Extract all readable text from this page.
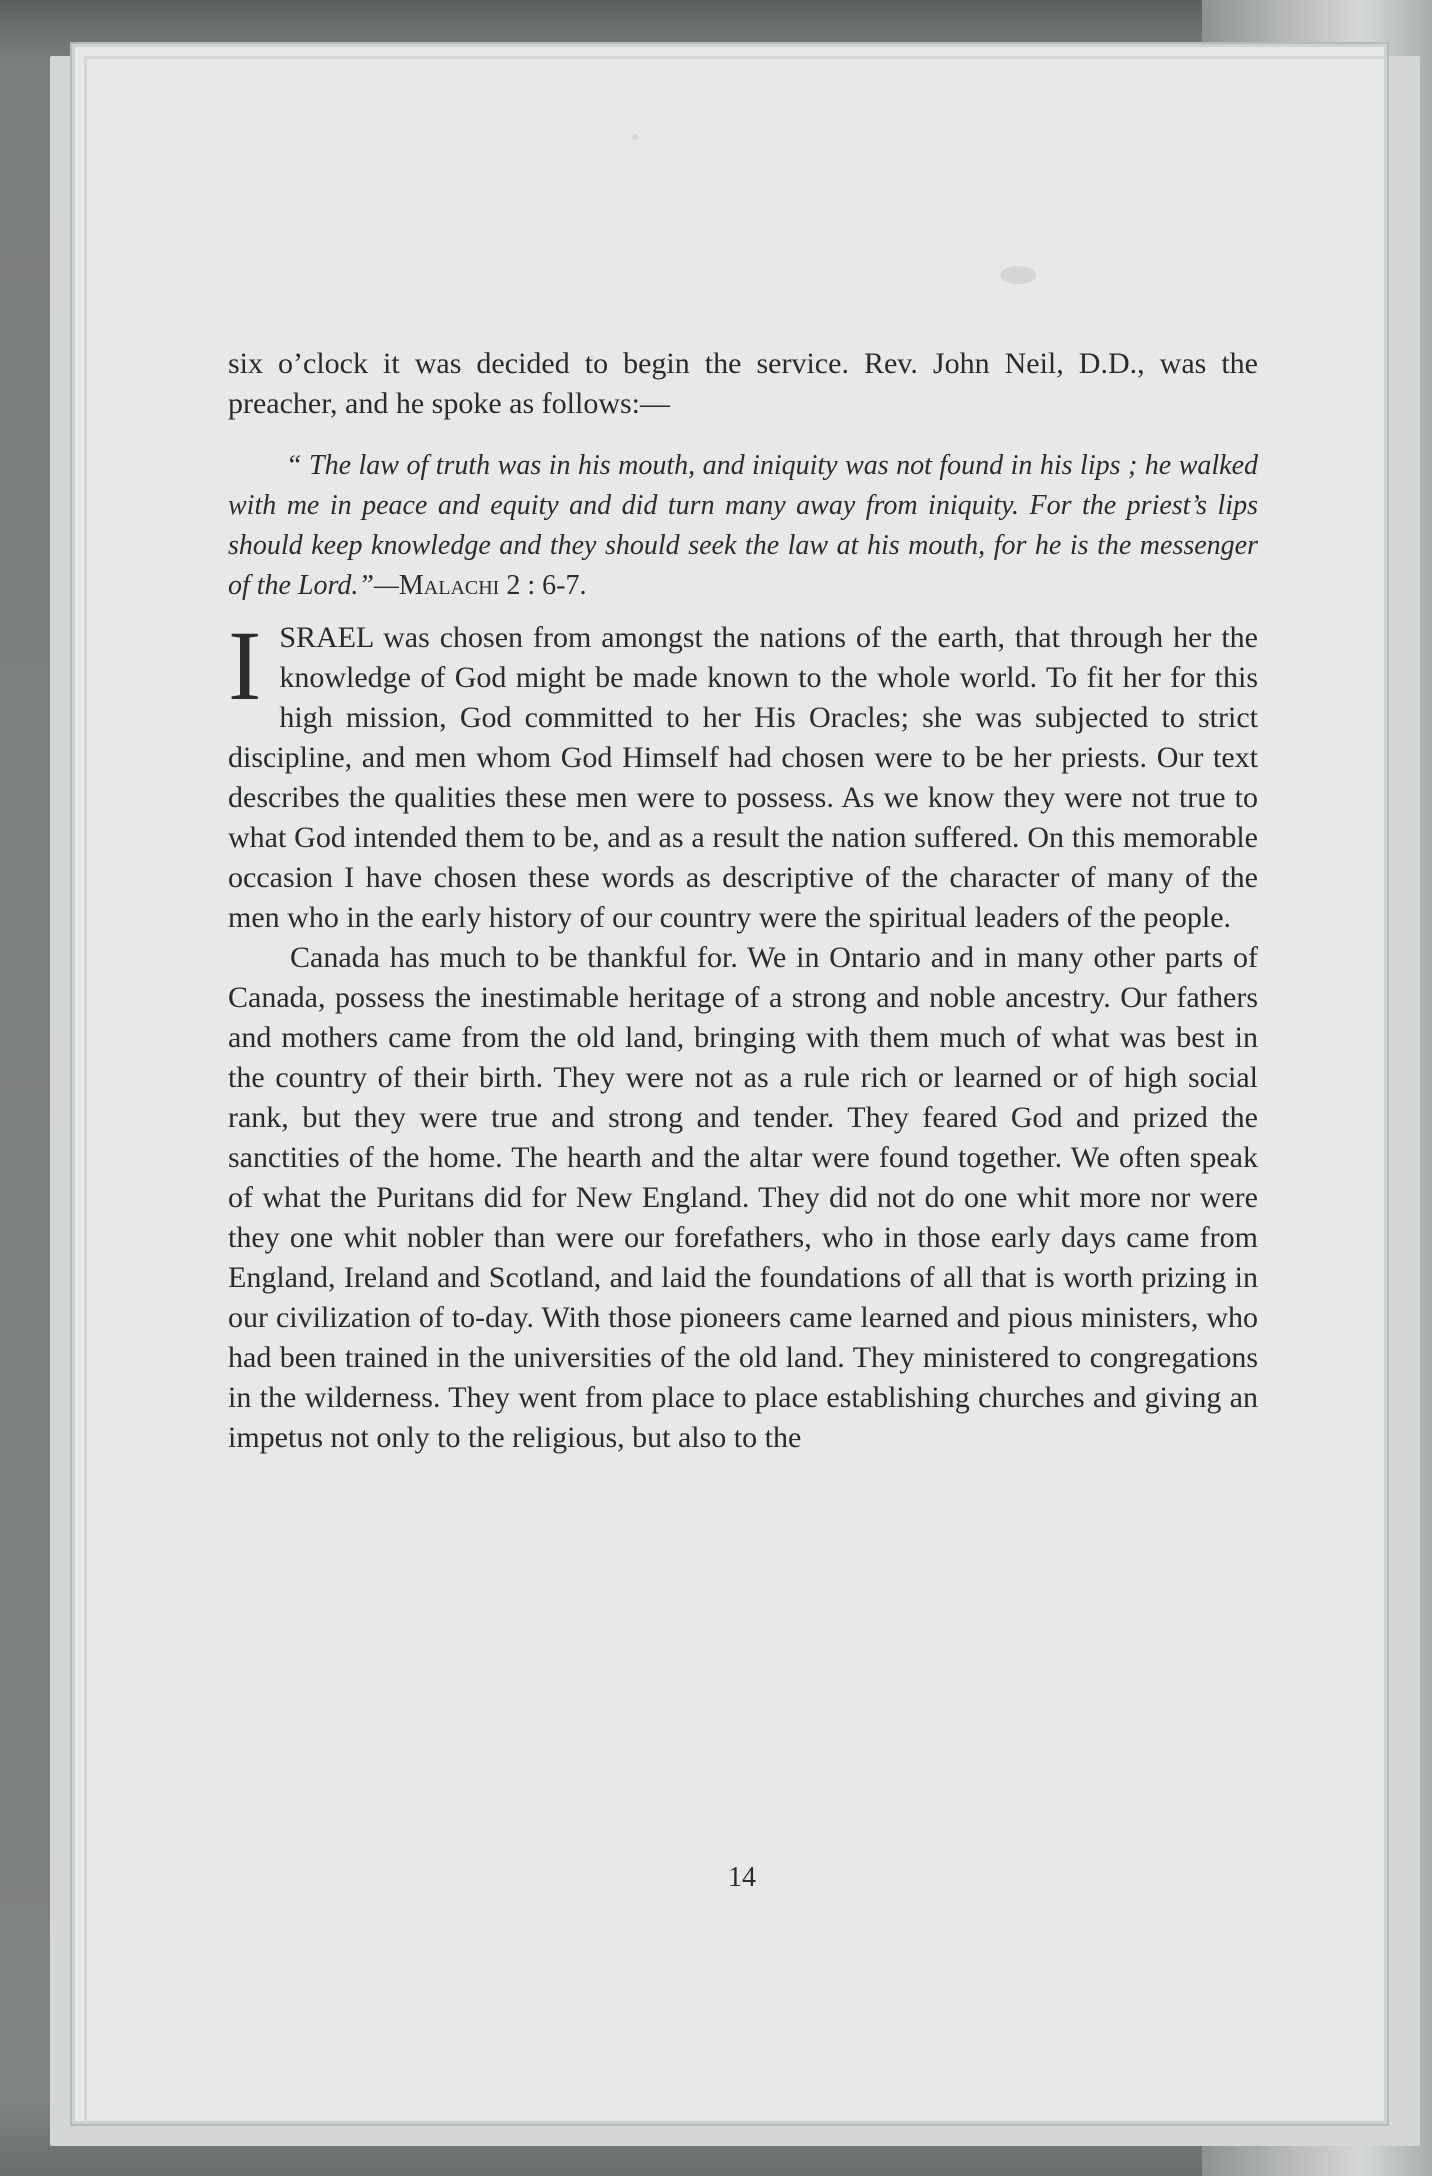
six o’clock it was decided to begin the service. Rev. John Neil, D.D., was the preacher, and he spoke as follows:—

“ The law of truth was in his mouth, and iniquity was not found in his lips ; he walked with me in peace and equity and did turn many away from iniquity. For the priest’s lips should keep knowledge and they should seek the law at his mouth, for he is the messenger of the Lord.”—Malachi 2 : 6-7.

ISRAEL was chosen from amongst the nations of the earth, that through her the knowledge of God might be made known to the whole world. To fit her for this high mission, God committed to her His Oracles; she was subjected to strict discipline, and men whom God Himself had chosen were to be her priests. Our text describes the qualities these men were to possess. As we know they were not true to what God intended them to be, and as a result the nation suffered. On this memorable occasion I have chosen these words as descriptive of the character of many of the men who in the early history of our country were the spiritual leaders of the people.

Canada has much to be thankful for. We in Ontario and in many other parts of Canada, possess the inestimable heritage of a strong and noble ancestry. Our fathers and mothers came from the old land, bringing with them much of what was best in the country of their birth. They were not as a rule rich or learned or of high social rank, but they were true and strong and tender. They feared God and prized the sanctities of the home. The hearth and the altar were found together. We often speak of what the Puritans did for New England. They did not do one whit more nor were they one whit nobler than were our forefathers, who in those early days came from England, Ireland and Scotland, and laid the foundations of all that is worth prizing in our civilization of to-day. With those pioneers came learned and pious ministers, who had been trained in the universities of the old land. They ministered to congregations in the wilderness. They went from place to place establishing churches and giving an impetus not only to the religious, but also to the

14
